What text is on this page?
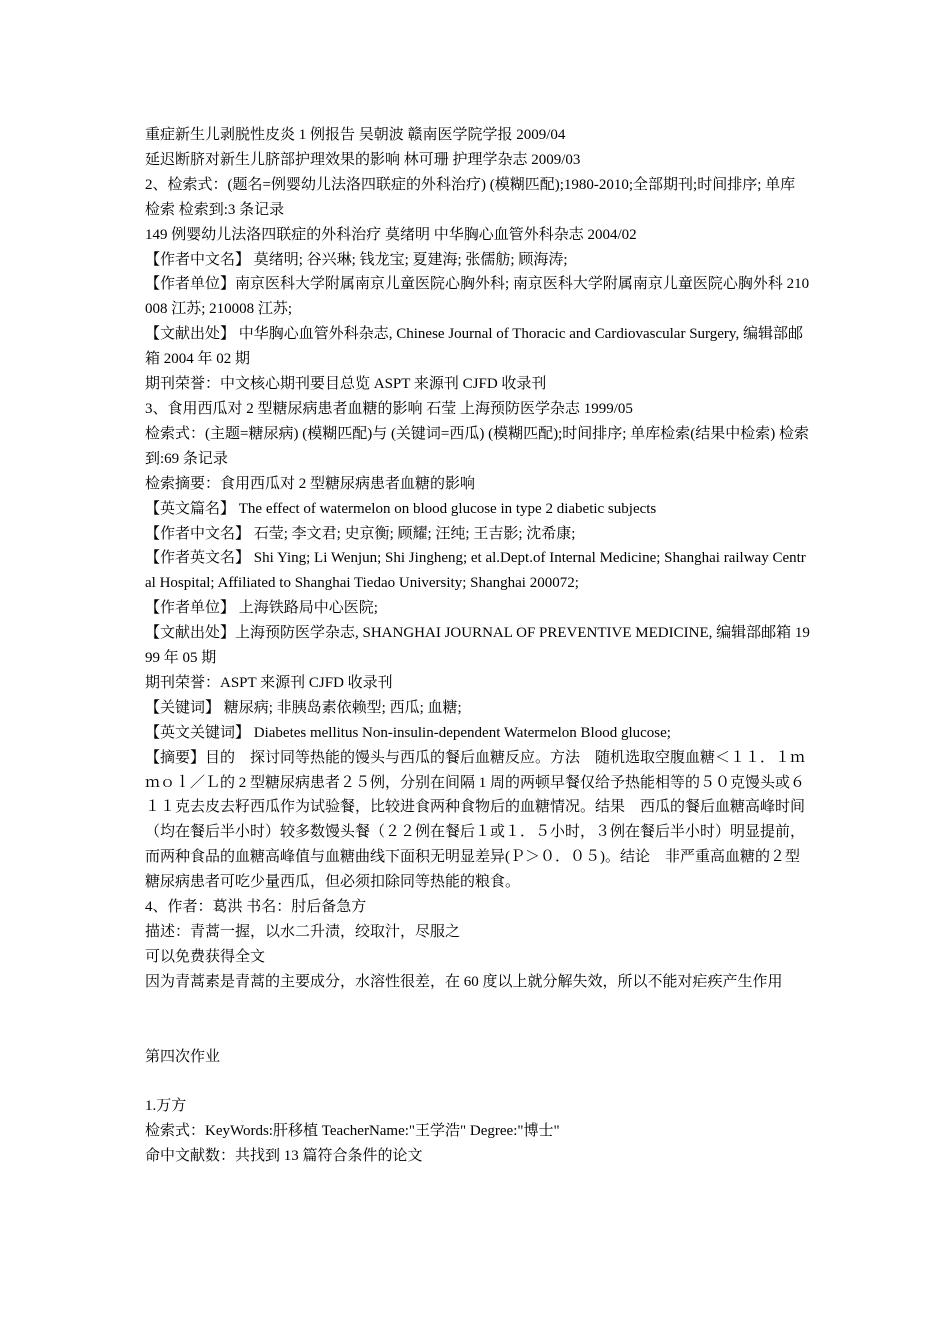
重症新生儿剥脱性皮炎 1 例报告 吴朝波 赣南医学院学报 2009/04

延迟断脐对新生儿脐部护理效果的影响 林可珊 护理学杂志 2009/03

2、检索式：(题名=例婴幼儿法洛四联症的外科治疗) (模糊匹配);1980-2010;全部期刊;时间排序; 单库检索 检索到:3 条记录

149 例婴幼儿法洛四联症的外科治疗 莫绪明 中华胸心血管外科杂志 2004/02

【作者中文名】 莫绪明; 谷兴琳; 钱龙宝; 夏建海; 张儒舫; 顾海涛;

【作者单位】南京医科大学附属南京儿童医院心胸外科; 南京医科大学附属南京儿童医院心胸外科 210008 江苏; 210008 江苏;

【文献出处】 中华胸心血管外科杂志, Chinese Journal of Thoracic and Cardiovascular Surgery, 编辑部邮箱 2004 年 02 期

期刊荣誉：中文核心期刊要目总览 ASPT 来源刊 CJFD 收录刊

3、食用西瓜对 2 型糖尿病患者血糖的影响 石莹 上海预防医学杂志 1999/05

检索式：(主题=糖尿病) (模糊匹配)与 (关键词=西瓜) (模糊匹配);时间排序; 单库检索(结果中检索) 检索到:69 条记录

检索摘要：食用西瓜对 2 型糖尿病患者血糖的影响

【英文篇名】 The effect of watermelon on blood glucose in type 2 diabetic subjects

【作者中文名】 石莹; 李文君; 史京衡; 顾耀; 汪纯; 王吉影; 沈希康;

【作者英文名】 Shi Ying; Li Wenjun; Shi Jingheng; et al.Dept.of Internal Medicine; Shanghai railway Central Hospital; Affiliated to Shanghai Tiedao University; Shanghai 200072;

【作者单位】 上海铁路局中心医院;

【文献出处】上海预防医学杂志, SHANGHAI JOURNAL OF PREVENTIVE MEDICINE, 编辑部邮箱 1999 年 05 期

期刊荣誉：ASPT 来源刊 CJFD 收录刊

【关键词】 糖尿病; 非胰岛素依赖型; 西瓜; 血糖;

【英文关键词】 Diabetes mellitus Non-insulin-dependent Watermelon Blood glucose;

【摘要】目的　探讨同等热能的馒头与西瓜的餐后血糖反应。方法　随机选取空腹血糖＜１１．１ｍｍｏｌ／Ｌ的 2 型糖尿病患者２５例，分别在间隔 1 周的两顿早餐仅给予热能相等的５０克馒头或６１１克去皮去籽西瓜作为试验餐，比较进食两种食物后的血糖情况。结果　西瓜的餐后血糖高峰时间（均在餐后半小时）较多数馒头餐（２２例在餐后１或１．５小时，３例在餐后半小时）明显提前，而两种食品的血糖高峰值与血糖曲线下面积无明显差异(Ｐ＞０．０５)。结论　非严重高血糖的２型糖尿病患者可吃少量西瓜，但必须扣除同等热能的粮食。

4、作者：葛洪 书名：肘后备急方

描述：青蒿一握，以水二升渍，绞取汁，尽服之

可以免费获得全文

因为青蒿素是青蒿的主要成分，水溶性很差，在 60 度以上就分解失效，所以不能对疟疾产生作用

第四次作业

1.万方

检索式：KeyWords:肝移植 TeacherName:"王学浩" Degree:"博士"

命中文献数：共找到 13 篇符合条件的论文
